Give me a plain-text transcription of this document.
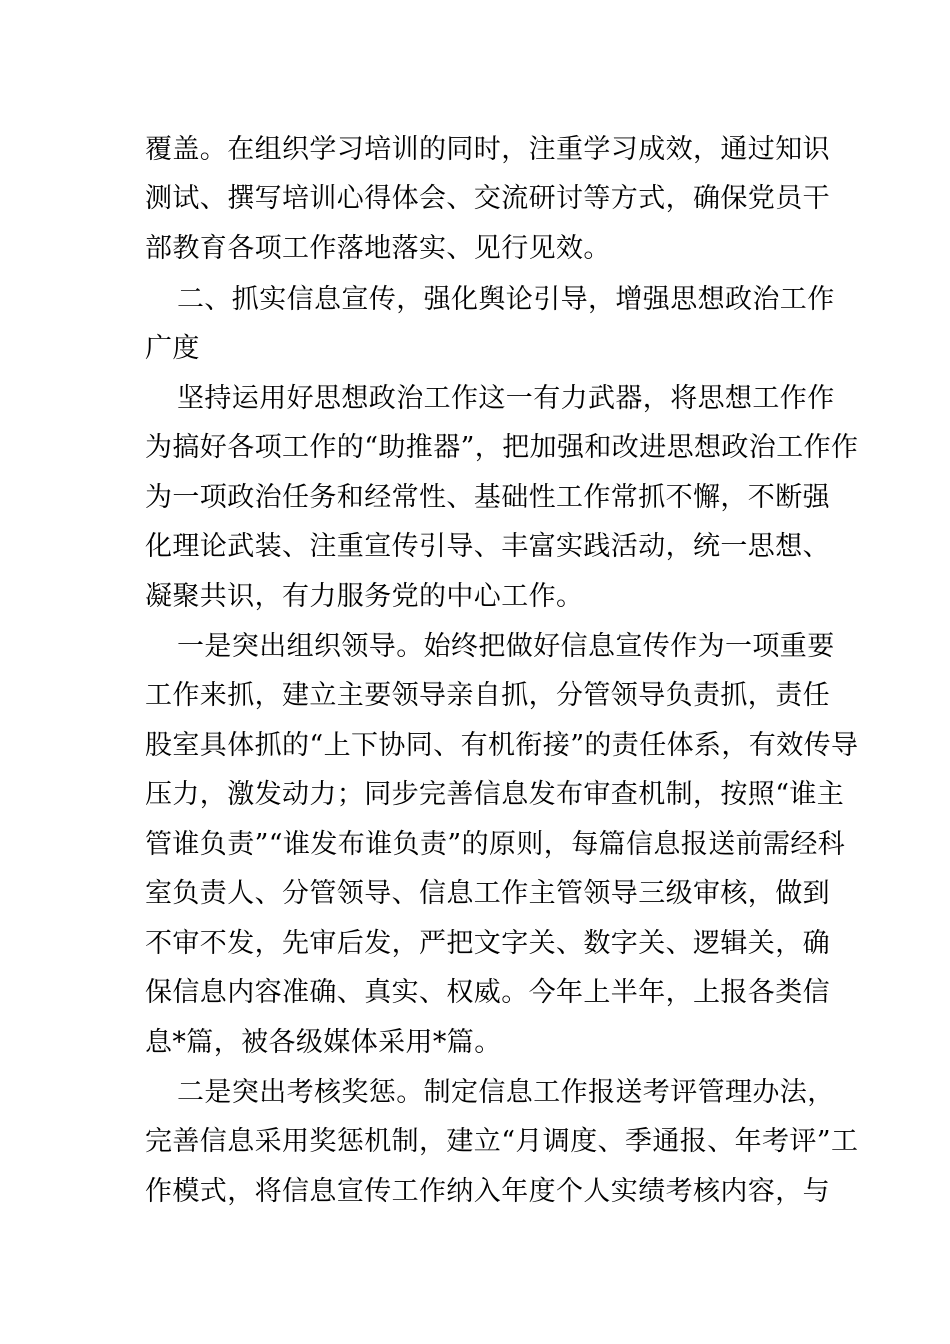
覆盖。在组织学习培训的同时，注重学习成效，通过知识
测试、撰写培训心得体会、交流研讨等方式，确保党员干
部教育各项工作落地落实、见行见效。
二、抓实信息宣传，强化舆论引导，增强思想政治工作
广度
坚持运用好思想政治工作这一有力武器，将思想工作作
为搞好各项工作的“助推器”，把加强和改进思想政治工作作
为一项政治任务和经常性、基础性工作常抓不懈，不断强
化理论武装、注重宣传引导、丰富实践活动，统一思想、
凝聚共识，有力服务党的中心工作。
一是突出组织领导。始终把做好信息宣传作为一项重要
工作来抓，建立主要领导亲自抓，分管领导负责抓，责任
股室具体抓的“上下协同、有机衔接”的责任体系，有效传导
压力，激发动力；同步完善信息发布审查机制，按照“谁主
管谁负责”“谁发布谁负责”的原则，每篇信息报送前需经科
室负责人、分管领导、信息工作主管领导三级审核，做到
不审不发，先审后发，严把文字关、数字关、逻辑关，确
保信息内容准确、真实、权威。今年上半年，上报各类信
息*篇，被各级媒体采用*篇。
二是突出考核奖惩。制定信息工作报送考评管理办法，
完善信息采用奖惩机制，建立“月调度、季通报、年考评”工
作模式，将信息宣传工作纳入年度个人实绩考核内容，与
